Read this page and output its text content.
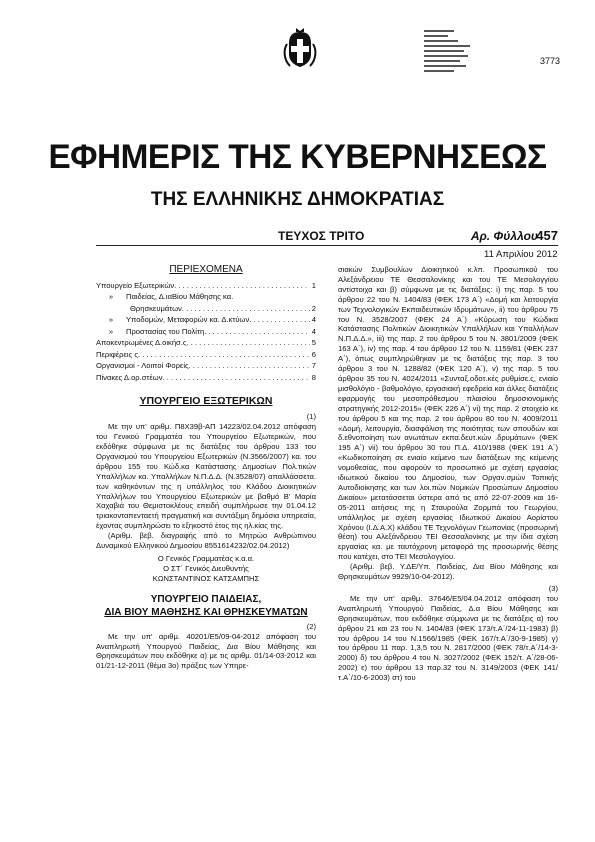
3773
ΕΦΗΜΕΡΙΣ ΤΗΣ ΚΥΒΕΡΝΗΣΕΩΣ
ΤΗΣ ΕΛΛΗΝΙΚΗΣ ΔΗΜΟΚΡΑΤΙΑΣ
ΤΕΥΧΟΣ ΤΡΙΤΟ	Αρ. Φύλλου
457
11 Απριλίου 2012
ΠΕΡΙΕΧΟΜΕΝΑ
Υπουργείο Εξωτερικών . . .	1
»	Παιδείας, Δ.ιαΒίου Μάθησης κα.
Θρησκευμάτων . . .	2
»	Υποδομών, Μεταφορών κα. Δ.κτύων . . .	4
»	Προστασίας του Πολίτη . . .	4
Αποκεντρωμένες Δ.οικήσ.ς . . .	5
Περιφέρεις ς . . .	6
Οργανισμοί - Λοιποί Φορείς . . .	7
Πίνακες Δ.ορ.στέων . . .	8
ΥΠΟΥΡΓΕΙΟ ΕΞΩΤΕΡΙΚΩΝ
(1)

Με την υπ' αριθμ. Π8Χ39β-ΑΠ 14223/02.04.2012 απόφαση του Γενικού Γραμματέα του Υπουργείου Εξωτερικών, που εκδόθηκε σύμφωνα με τις διατάξεις του άρθρου 133 του Οργανισμού του Υπουργείου Εξωτερικών (Ν.3566/2007) κα. του άρθρου 155 του Κώδ.κα Κατάστασης Δημοσίων Πολ.τικών Υπαλλήλων κα. Υπαλλήλων Ν.Π.Δ.Δ. (Ν.3528/07) απαλλάσσετα. των καθηκόντων της η υπάλληλος του Κλάδου Διοικητικών Υπαλλήλων του Υπουργείου Εξωτερικών με βαθμό Β' Μαρία Χαχαβιά του Θεμιστοκλέους επειδή συμπλήρωσε την 01.04.12 τριακονταπενταετή πραγματική και συντάξιμη δημόσια υπηρεσία, έχοντας συμπληρώσει το εξηκοστό έτος της ηλ.κίας της.

(Αριθμ. βεβ. διαγραφής από το Μητρώο Ανθρώπινου Δυναμικού Ελληνικού Δημοσίου 8551614232/02.04.2012)

Ο Γενικός Γραμματέας κ.α.α.
Ο ΣΤ΄ Γενικός Διευθυντής
ΚΩΝΣΤΑΝΤΙΝΟΣ ΚΑΤΣΑΜΠΗΣ
ΥΠΟΥΡΓΕΙΟ ΠΑΙΔΕΙΑΣ,
ΔΙΑ ΒΙΟΥ ΜΑΘΗΣΗΣ ΚΑΙ ΘΡΗΣΚΕΥΜΑΤΩΝ
(2)

Με την υπ' αριθμ. 40201/Ε5/09-04-2012 απόφαση του Αναπληρωτή Υπουργού Παιδείας, Δια Βίου Μάθησης και Θρησκευμάτων που εκδόθηκε α) με τις αριθμ. 01/14-03-2012 και 01/21-12-2011 (θέμα 3ο) πράξεις των Υπηρε-

σιακών Συμβουλίων Διοικητικού κ.λπ. Προσωπικού του Αλεξάνδρειου ΤΕ Θεσσαλονίκης και του ΤΕ Μεσολογγίου αντίστοιχα και β) σύμφωνα με τις διατάξεις: i) της παρ. 5 του άρθρου 22 του Ν. 1404/83 (ΦΕΚ 173 Α΄) «Δομή και λειτουργία των Τεχνολογικών Εκπαιδευτικών Ιδρυμάτων», ii) του άρθρου 75 του Ν. 3528/2007 (ΦΕΚ 24 Α΄) «Κύρωση του Κώδικα Κατάστασης Πολιτικών Διοικητικών Υπαλλήλων και Υπαλλήλων Ν.Π.Δ.Δ.», iii) της παρ. 2 του άρθρου 5 του Ν. 3801/2009 (ΦΕΚ 163 Α΄), iv) της παρ. 4 του άρθρου 12 του Ν. 1159/81 (ΦΕΚ 237 Α΄), όπως συμπληρώθηκαν με τις διατάξεις της παρ. 3 του άρθρου 3 του Ν. 1288/82 (ΦΕΚ 120 Α΄), v) της παρ. 5 του άρθρου 35 του Ν. 4024/2011 «Συνταξ.οδοτ.κές ρυθμίσε.ς, ενιαίο μισθολόγιο - βαθμολόγιο, εργασιακή εφεδρεία και άλλες διατάξεις εφαρμογής του μεσοπρόθεσμου πλαισίου δημοσιονομικής στρατηγικής 2012-2015» (ΦΕΚ 226 Α΄) vi) της παρ. 2 στοιχείο κε του άρθρου 5 και της παρ. 2 του άρθρου 80 του Ν. 4009/2011 «Δομή, λειτουργία, διασφάλιση της ποιότητας των σπουδών και δ.εθνοποίηση των ανωτάτων εκπα.δευτ.κών .δρυμάτων» (ΦΕΚ 195 Α΄) vii) του άρθρου 30 του Π.Δ. 410/1988 (ΦΕΚ 191 Α΄) «Κωδικοποίηση σε ενιαίο κείμενο των διατάξεων της κείμενης νομοθεσίας, που αφορούν το προσωπικό με σχέση εργασίας ιδιωτικού δικαίου του Δημοσίου, των Οργαν.σμών Τοπικής Αυτοδιοίκησης και των λοι.πών Νομικών Προσώπων Δημοσίου Δικαίου» μετατάσσεται ύστερα από τις από 22-07-2009 και 16-05-2011 αιτήσεις της η Σταυρούλα Ζορμπά του Γεωργίου, υπάλληλος με σχέση εργασίας Ιδιωτικού Δικαίου Αορίστου Χρόνου (Ι.Δ.Α.Χ) κλάδου ΤΕ Τεχνολόγων Γεωπονίας (προσωρινή θέση) του Αλεξάνδρειου ΤΕΙ Θεσσαλονίκης με την ίδια σχέση εργασίας κα. με ταυτόχρονη μεταφορά της προσωρινής θέσης που κατέχει, στο ΤΕΙ Μεσολογγίου.

(Αριθμ. βεβ. Υ.ΔΕ/Υπ. Παιδείας, Δια Βίου Μάθησης και Θρησκευμάτων 9929/10-04-2012).

(3)

Με την υπ' αριθμ. 37646/Ε5/04.04.2012 απόφαση του Αναπληρωτή Υπουργού Παιδείας, Δ.α Βίου Μάθησης και Θρησκευμάτων, που εκδόθηκε σύμφωνα με τις διατάξεις α) του άρθρου 21 και 23 του Ν. 1404/83 (ΦΕΚ 173/τ.Α΄/24-11-1983) β) του άρθρου 14 του Ν.1566/1985 (ΦΕΚ 167/τ.Α΄/30-9-1985) γ) του άρθρου 11 παρ. 1,3,5 του Ν. 2817/2000 (ΦΕΚ 78/τ.Α΄/14-3-2000) δ) του άρθρου 4 του Ν. 3027/2002 (ΦΕΚ 152/τ. Α΄/28-06-2002) ε) του άρθρου 13 παρ.32 του Ν. 3149/2003 (ΦΕΚ 141/τ.Α΄/10-6-2003) στ) του
